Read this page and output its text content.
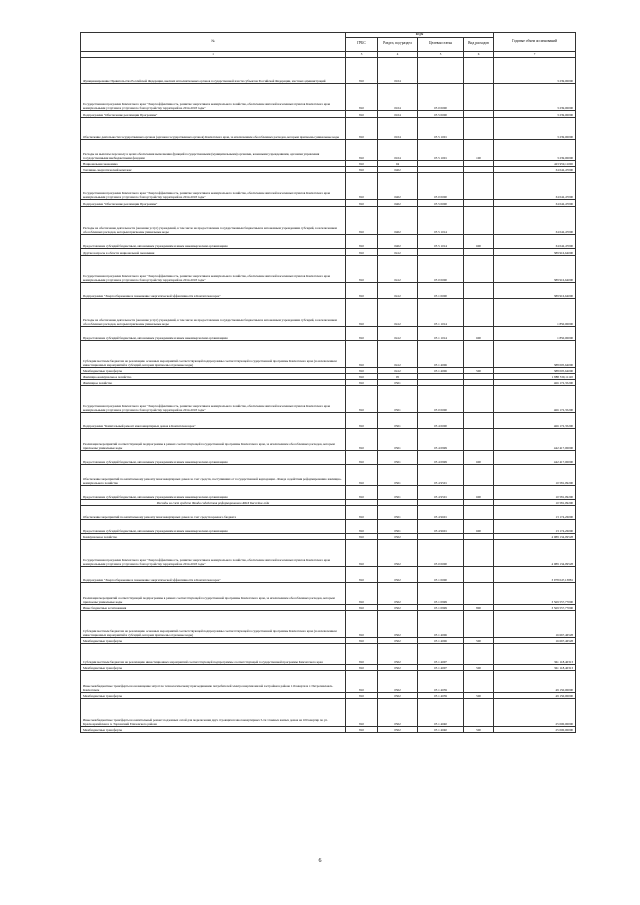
№	коды				Годовые объем ассигнований
	ГРБС	Раздел, под-раздел	Целевая статья	Вид расходов	
1	3	4	5	6	7
Функционирование Правительства Российской Федерации, высших исполнительных органов государственной власти субъектов Российской Федерации, местных администраций	810	0104			3 239,00000
Государственная программа Камчатского края "Энергоэффективность, развитие энергетики и коммунального хозяйства, обеспечение жителей населенных пунктов Камчатского края коммунальными услугами и услугами по благоустройству территорий на 2014-2018 годы"	810	0104	05 0 0000		3 239,00000
Подпрограмма "Обеспечение реализации Программы"	810	0104	05 5 0000		3 239,00000
Обеспечение деятельности государственных органов (органов государственных органов) Камчатского края, за исключением обособленных расходов, которым присвоены уникальные коды	810	0104	05 5 1001		3 239,00000
Расходы на выплаты персоналу в целях обеспечения выполнения функций государственными (муниципальными) органами, казенными учреждениями, органами управления государственными внебюджетными фондами	810	0104	05 5 1001	100	3 239,00000
Национальная экономика	810	04			423 959,11000
Топливно-энергетический комплекс	810	0402			34 042,47000
Государственная программа Камчатского края "Энергоэффективность, развитие энергетики и коммунального хозяйства, обеспечение жителей населенных пунктов Камчатского края коммунальными услугами и услугами по благоустройству территорий на 2014-2018 годы"	810	0402	05 0 0000		34 042,47000
Подпрограмма "Обеспечение реализации Программы"	810	0402	05 5 0000		34 042,47000
Расходы на обеспечение деятельности (оказание услуг) учреждений, в том числе на предоставление государственным бюджетным и автономным учреждениям субсидий, за исключением обособленных расходов, которым присвоены уникальные коды	810	0402	05 5 1014		34 042,47000
Предоставление субсидий бюджетным, автономным учреждениям и иным некоммерческим организациям	810	0402	05 5 1014	600	34 042,47000
Другие вопросы в области национальной экономики	810	0412			389 916,64000
Государственная программа Камчатского края "Энергоэффективность, развитие энергетики и коммунального хозяйства, обеспечение жителей населенных пунктов Камчатского края коммунальными услугами и услугами по благоустройству территорий на 2014-2018 годы"	810	0412	05 0 0000		389 916,64000
Подпрограмма "Энергосбережение и повышение энергетической эффективности в Камчатском крае"	810	0412	05 1 0000		389 916,64000
Расходы на обеспечение деятельности (оказание услуг) учреждений, в том числе на предоставление государственным бюджетным и автономным учреждениям субсидий, за исключением обособленных расходов, которым присвоены уникальные коды	810	0412	05 1 1014		1 850,00000
Предоставление субсидий бюджетным, автономным учреждениям и иным некоммерческим организациям	810	0412	05 1 1014	600	1 850,00000
Субсидии местным бюджетам на реализацию основных мероприятий соответствующей подпрограммы соответствующей государственной программы Камчатского края (за исключением инвестиционных мероприятий и субсидий, которым присвоены отдельные коды)	810	0412	05 1 4006		388 005,64000
Межбюджетные трансферты	810	0412	05 1 4006	500	388 005,64000
Жилищно-коммунальное хозяйство	810	05			1 888 539,11120
Жилищное хозяйство	810	0501			466 172,35200
Государственная программа Камчатского края "Энергоэффективность, развитие энергетики и коммунального хозяйства, обеспечение жителей населенных пунктов Камчатского края коммунальными услугами и услугами по благоустройству территорий на 2014-2018 годы"	810	0501	05 0 0000		466 172,35200
Подпрограмма "Капитальный ремонт многоквартирных домов в Камчатском крае"	810	0501	05 4 0000		466 172,35200
Реализация мероприятий соответствующей подпрограммы в рамках соответствующей государственной программы Камчатского края, за исключением обособленных расходов, которым присвоены уникальные коды	810	0501	05 4 0999		442 417,00000
Предоставление субсидий бюджетным, автономным учреждениям и иным некоммерческим организациям	810	0501	05 4 0999	600	442 417,00000
Обеспечение мероприятий по капитальному ремонту многоквартирных домов за счет средств, поступивших от государственной корпорации - Фонда содействия реформированию жилищно-коммунального хозяйства	810	0501	05 4 9501		10 581,09200
Предоставление субсидий бюджетным, автономным учреждениям и иным некоммерческим организациям	810	0501	05 4 9501	600	10 581,09200
Расходы за счет средств Фонда содействия реформированию ЖКХ Бассейна года					10 581,09200
Обеспечение мероприятий по капитальному ремонту многоквартирных домов за счет средств краевого бюджета	810	0501	05 4 9601		13 174,26000
Предоставление субсидий бюджетным, автономным учреждениям и иным некоммерческим организациям	810	0501	05 4 9601	600	13 174,26000
Коммунальное хозяйство	810	0502			4 089 134,09528
Государственная программа Камчатского края "Энергоэффективность, развитие энергетики и коммунального хозяйства, обеспечение жителей населенных пунктов Камчатского края коммунальными услугами и услугами по благоустройству территорий на 2014-2018 годы"	810	0502	05 0 0000		4 089 134,09528
Подпрограмма "Энергосбережение и повышение энергетической эффективности в Камчатском крае"	810	0502	05 1 0000		3 978 047,13881
Реализация мероприятий соответствующей подпрограммы в рамках соответствующей государственной программы Камчатского края, за исключением обособленных расходов, которым присвоены уникальные коды	810	0502	05 1 0999		3 569 557,77000
Иные бюджетные ассигнования	810	0502	05 1 0999	800	3 569 557,77000
Субсидии местным бюджетам на реализацию основных мероприятий соответствующей подпрограммы соответствующей государственной программы Камчатского края (за исключением инвестиционных мероприятий и субсидий, которым присвоены отдельные коды)	810	0502	05 1 4006		16 667,46528
Межбюджетные трансферты	810	0502	05 1 4006	500	16 667,46528
Субсидии местным бюджетам на реализацию инвестиционных мероприятий соответствующей подпрограммы соответствующей государственной программы Камчатского края	810	0502	05 1 4007		361 118,40313
Межбюджетные трансферты	810	0502	05 1 4007	500	361 118,40313
Иные межбюджетные трансферты на возмещение затрат по технологическому присоединению потребителей электроэнергии жилой застройки в районе 116 квартала г. Петропавловск-Камчатском	810	0502	05 1 4039		49 150,00000
Межбюджетные трансферты	810	0502	05 1 4039	500	49 150,00000
Иные межбюджетные трансферты на капитальный ремонт подземных сетей для подключения двух строящихся многоквартирных 5-ти этажных жилых домов на 100 квартир по ул. Красноармейская в п. Тарханский Елизовского района	810	0502	05 1 4040		25 000,00000
Межбюджетные трансферты	810	0502	05 1 4040	500	25 000,00000
6
